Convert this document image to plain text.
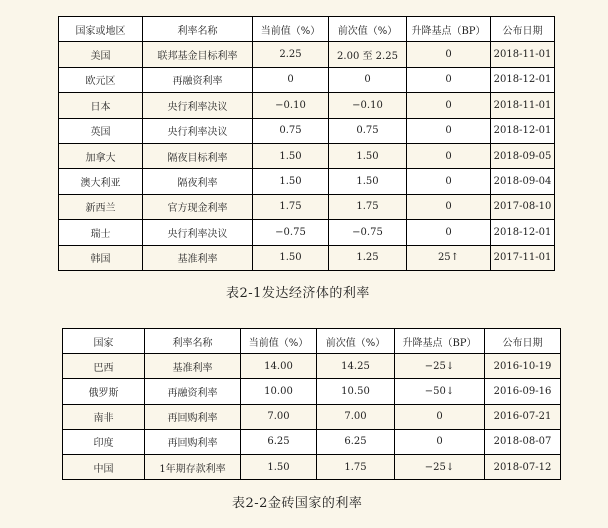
国家或地区	利率名称	当前值（%）	前次值（%）	升降基点（BP）	公布日期
美国	联邦基金目标利率	2.25	2.00 至 2.25	0	2018-11-01
欧元区	再融资利率	0	0	0	2018-12-01
日本	央行利率决议	−0.10	−0.10	0	2018-11-01
英国	央行利率决议	0.75	0.75	0	2018-12-01
加拿大	隔夜目标利率	1.50	1.50	0	2018-09-05
澳大利亚	隔夜利率	1.50	1.50	0	2018-09-04
新西兰	官方现金利率	1.75	1.75	0	2017-08-10
瑞士	央行利率决议	−0.75	−0.75	0	2018-12-01
韩国	基准利率	1.50	1.25	25↑	2017-11-01
表2-1发达经济体的利率
国家	利率名称	当前值（%）	前次值（%）	升降基点（BP）	公布日期
巴西	基准利率	14.00	14.25	−25↓	2016-10-19
俄罗斯	再融资利率	10.00	10.50	−50↓	2016-09-16
南非	再回购利率	7.00	7.00	0	2016-07-21
印度	再回购利率	6.25	6.25	0	2018-08-07
中国	1年期存款利率	1.50	1.75	−25↓	2018-07-12
表2-2金砖国家的利率
